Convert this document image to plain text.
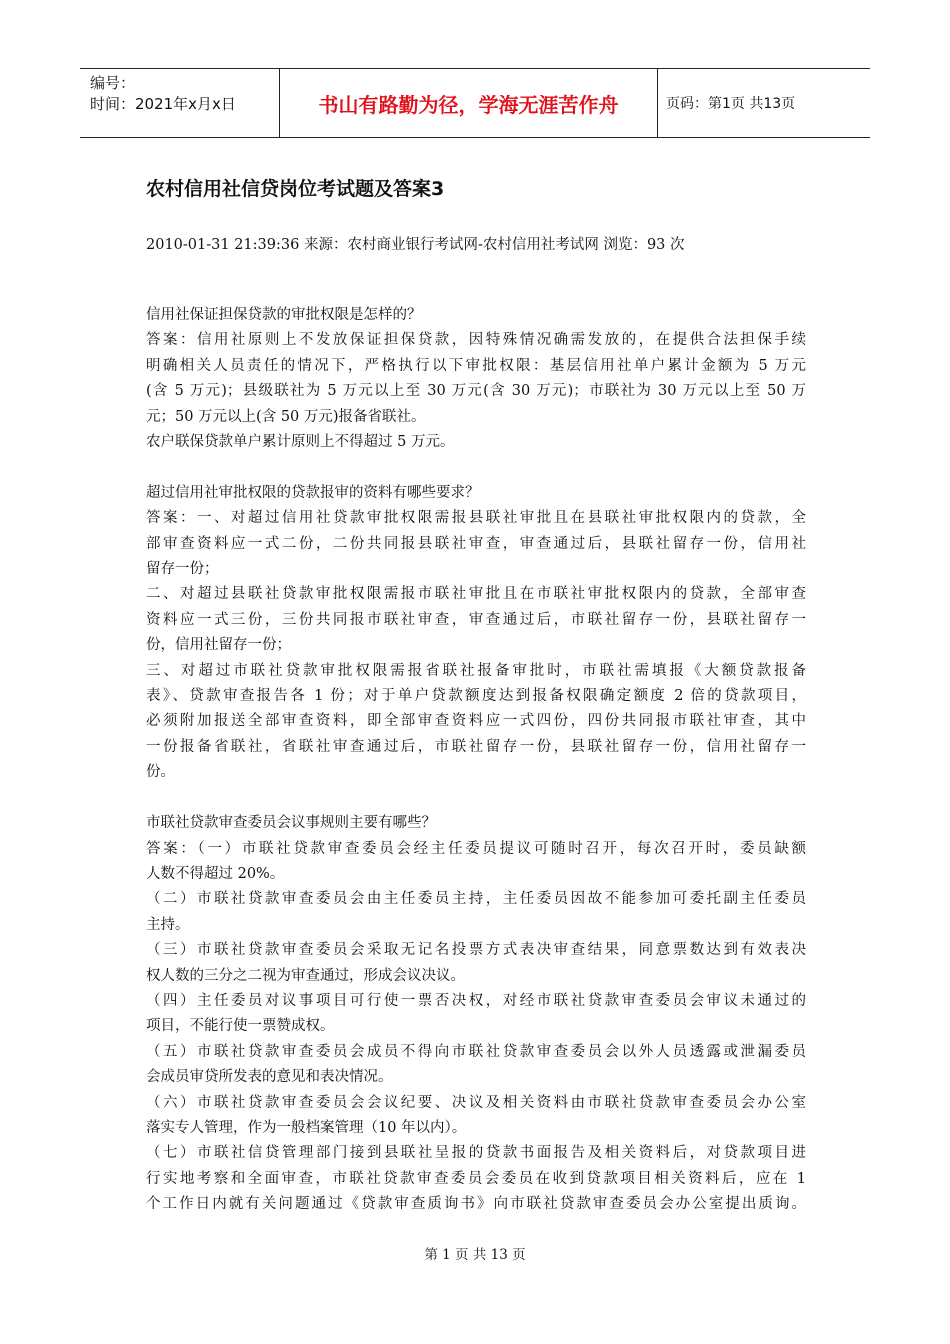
编号：
时间：2021年x月x日	书山有路勤为径，学海无涯苦作舟	页码：第1页 共13页
农村信用社信贷岗位考试题及答案3
2010-01-31 21:39:36 来源：农村商业银行考试网-农村信用社考试网 浏览：93 次

信用社保证担保贷款的审批权限是怎样的？

答案：信用社原则上不发放保证担保贷款，因特殊情况确需发放的，在提供合法担保手续

明确相关人员责任的情况下，严格执行以下审批权限：基层信用社单户累计金额为 5 万元

(含 5 万元)；县级联社为 5 万元以上至 30 万元(含 30 万元)；市联社为 30 万元以上至 50 万

元；50 万元以上(含 50 万元)报备省联社。

农户联保贷款单户累计原则上不得超过 5 万元。

超过信用社审批权限的贷款报审的资料有哪些要求？

答案：一、对超过信用社贷款审批权限需报县联社审批且在县联社审批权限内的贷款，全

部审查资料应一式二份，二份共同报县联社审查，审查通过后，县联社留存一份，信用社

留存一份；

二、对超过县联社贷款审批权限需报市联社审批且在市联社审批权限内的贷款，全部审查

资料应一式三份，三份共同报市联社审查，审查通过后，市联社留存一份，县联社留存一

份，信用社留存一份；

三、对超过市联社贷款审批权限需报省联社报备审批时，市联社需填报《大额贷款报备

表》、贷款审查报告各 1 份；对于单户贷款额度达到报备权限确定额度 2 倍的贷款项目，

必须附加报送全部审查资料，即全部审查资料应一式四份，四份共同报市联社审查，其中

一份报备省联社，省联社审查通过后，市联社留存一份，县联社留存一份，信用社留存一

份。

市联社贷款审查委员会议事规则主要有哪些？

答案：（一）市联社贷款审查委员会经主任委员提议可随时召开，每次召开时，委员缺额

人数不得超过 20%。

（二）市联社贷款审查委员会由主任委员主持，主任委员因故不能参加可委托副主任委员

主持。

（三）市联社贷款审查委员会采取无记名投票方式表决审查结果，同意票数达到有效表决

权人数的三分之二视为审查通过，形成会议决议。

（四）主任委员对议事项目可行使一票否决权，对经市联社贷款审查委员会审议未通过的

项目，不能行使一票赞成权。

（五）市联社贷款审查委员会成员不得向市联社贷款审查委员会以外人员透露或泄漏委员

会成员审贷所发表的意见和表决情况。

（六）市联社贷款审查委员会会议纪要、决议及相关资料由市联社贷款审查委员会办公室

落实专人管理，作为一般档案管理（10 年以内）。

（七）市联社信贷管理部门接到县联社呈报的贷款书面报告及相关资料后，对贷款项目进

行实地考察和全面审查，市联社贷款审查委员会委员在收到贷款项目相关资料后，应在 1

个工作日内就有关问题通过《贷款审查质询书》向市联社贷款审查委员会办公室提出质询。

第 1 页 共 13 页
